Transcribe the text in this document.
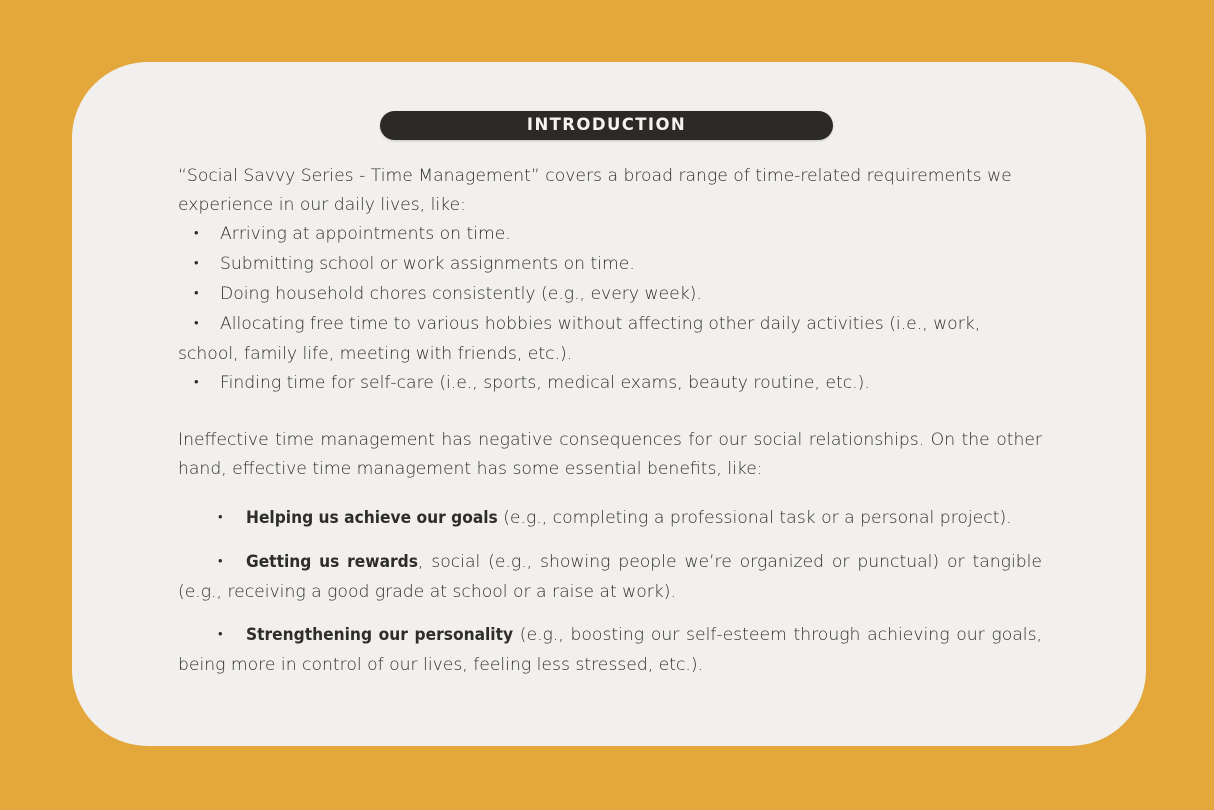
INTRODUCTION

“Social Savvy Series - Time Management” covers a broad range of time-related requirements we experience in our daily lives, like:

•Arriving at appointments on time.
•Submitting school or work assignments on time.
•Doing household chores consistently (e.g., every week).
•Allocating free time to various hobbies without affecting other daily activities (i.e., work, school, family life, meeting with friends, etc.).
•Finding time for self-care (i.e., sports, medical exams, beauty routine, etc.).

Ineffective time management has negative consequences for our social relationships. On the other hand, effective time management has some essential benefits, like:

•Helping us achieve our goals (e.g., completing a professional task or a personal project).
•Getting us rewards, social (e.g., showing people we’re organized or punctual) or tangible (e.g., receiving a good grade at school or a raise at work).
•Strengthening our personality (e.g., boosting our self-esteem through achieving our goals, being more in control of our lives, feeling less stressed, etc.).
